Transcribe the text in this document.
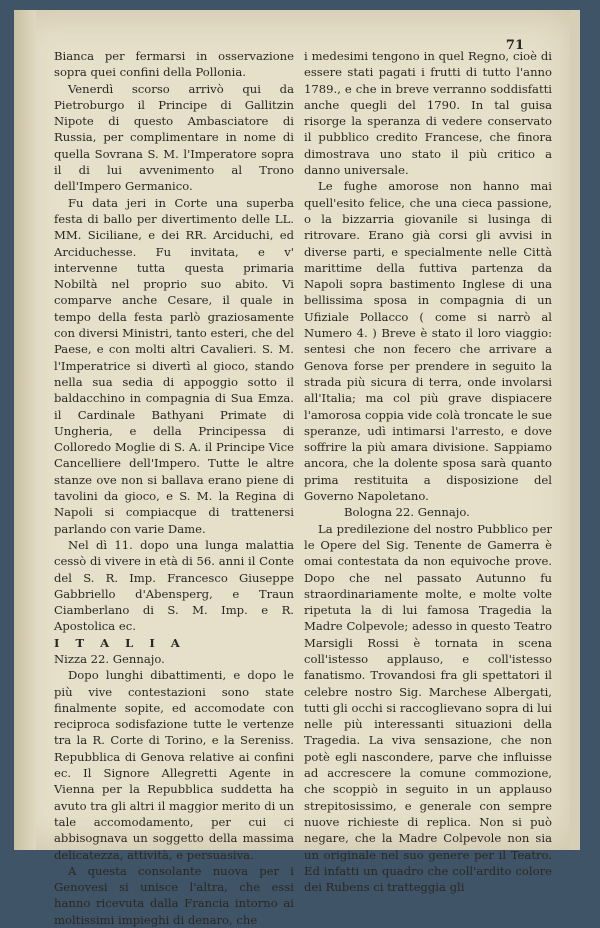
71

Bianca per fermarsi in osservazione sopra quei confini della Pollonia.

Venerdì scorso arrivò qui da Pietroburgo il Principe di Gallitzin Nipote di questo Ambasciatore di Russia, per complimentare in nome di quella Sovrana S. M. l'Imperatore sopra il di lui avvenimento al Trono dell'Impero Germanico.

Fu data jeri in Corte una superba festa di ballo per divertimento delle LL. MM. Siciliane, e dei RR. Arciduchi, ed Arciduchesse. Fu invitata, e v' intervenne tutta questa primaria Nobiltà nel proprio suo abito. Vi comparve anche Cesare, il quale in tempo della festa parlò graziosamente con diversi Ministri, tanto esteri, che del Paese, e con molti altri Cavalieri. S. M. l'Imperatrice si divertì al gioco, stando nella sua sedia di appoggio sotto il baldacchino in compagnia di Sua Emza. il Cardinale Bathyani Primate di Ungheria, e della Principessa di Colloredo Moglie di S. A. il Principe Vice Cancelliere dell'Impero. Tutte le altre stanze ove non si ballava erano piene di tavolini da gioco, e S. M. la Regina di Napoli si compiacque di trattenersi parlando con varie Dame.

Nel dì 11. dopo una lunga malattia cessò di vivere in età di 56. anni il Conte del S. R. Imp. Francesco Giuseppe Gabbriello d'Abensperg, e Traun Ciamberlano di S. M. Imp. e R. Apostolica ec.

I T A L I A

Nizza 22. Gennajo.

Dopo lunghi dibattimenti, e dopo le più vive contestazioni sono state finalmente sopite, ed accomodate con reciproca sodisfazione tutte le vertenze tra la R. Corte di Torino, e la Sereniss. Repubblica di Genova relative ai confini ec. Il Signore Allegretti Agente in Vienna per la Repubblica suddetta ha avuto tra gli altri il maggior merito di un tale accomodamento, per cui ci abbisognava un soggetto della massima delicatezza, attività, e persuasiva.

A questa consolante nuova per i Genovesi si unisce l'altra, che essi hanno ricevuta dalla Francia intorno ai moltissimi impieghi di denaro, che

i medesimi tengono in quel Regno, cioè di essere stati pagati i frutti di tutto l'anno 1789., e che in breve verranno soddisfatti anche quegli del 1790. In tal guisa risorge la speranza di vedere conservato il pubblico credito Francese, che finora dimostrava uno stato il più critico a danno universale.

Le fughe amorose non hanno mai quell'esito felice, che una cieca passione, o la bizzarria giovanile si lusinga di ritrovare. Erano già corsi gli avvisi in diverse parti, e specialmente nelle Città marittime della futtiva partenza da Napoli sopra bastimento Inglese di una bellissima sposa in compagnia di un Ufiziale Pollacco ( come si narrò al Numero 4. ) Breve è stato il loro viaggio: sentesi che non fecero che arrivare a Genova forse per prendere in seguito la strada più sicura di terra, onde involarsi all'Italia; ma col più grave dispiacere l'amorosa coppia vide colà troncate le sue speranze, udì intimarsi l'arresto, e dove soffrire la più amara divisione. Sappiamo ancora, che la dolente sposa sarà quanto prima restituita a disposizione del Governo Napoletano.

Bologna 22. Gennajo.

La predilezione del nostro Pubblico per le Opere del Sig. Tenente de Gamerra è omai contestata da non equivoche prove. Dopo che nel passato Autunno fu straordinariamente molte, e molte volte ripetuta la di lui famosa Tragedia la Madre Colpevole; adesso in questo Teatro Marsigli Rossi è tornata in scena coll'istesso applauso, e coll'istesso fanatismo. Trovandosi fra gli spettatori il celebre nostro Sig. Marchese Albergati, tutti gli occhi si raccoglievano sopra di lui nelle più interessanti situazioni della Tragedia. La viva sensazione, che non potè egli nascondere, parve che influisse ad accrescere la comune commozione, che scoppiò in seguito in un applauso strepitosissimo, e generale con sempre nuove richieste di replica. Non si può negare, che la Madre Colpevole non sia un originale nel suo genere per il Teatro. Ed infatti un quadro che coll'ardito colore dei Rubens ci tratteggia gli
